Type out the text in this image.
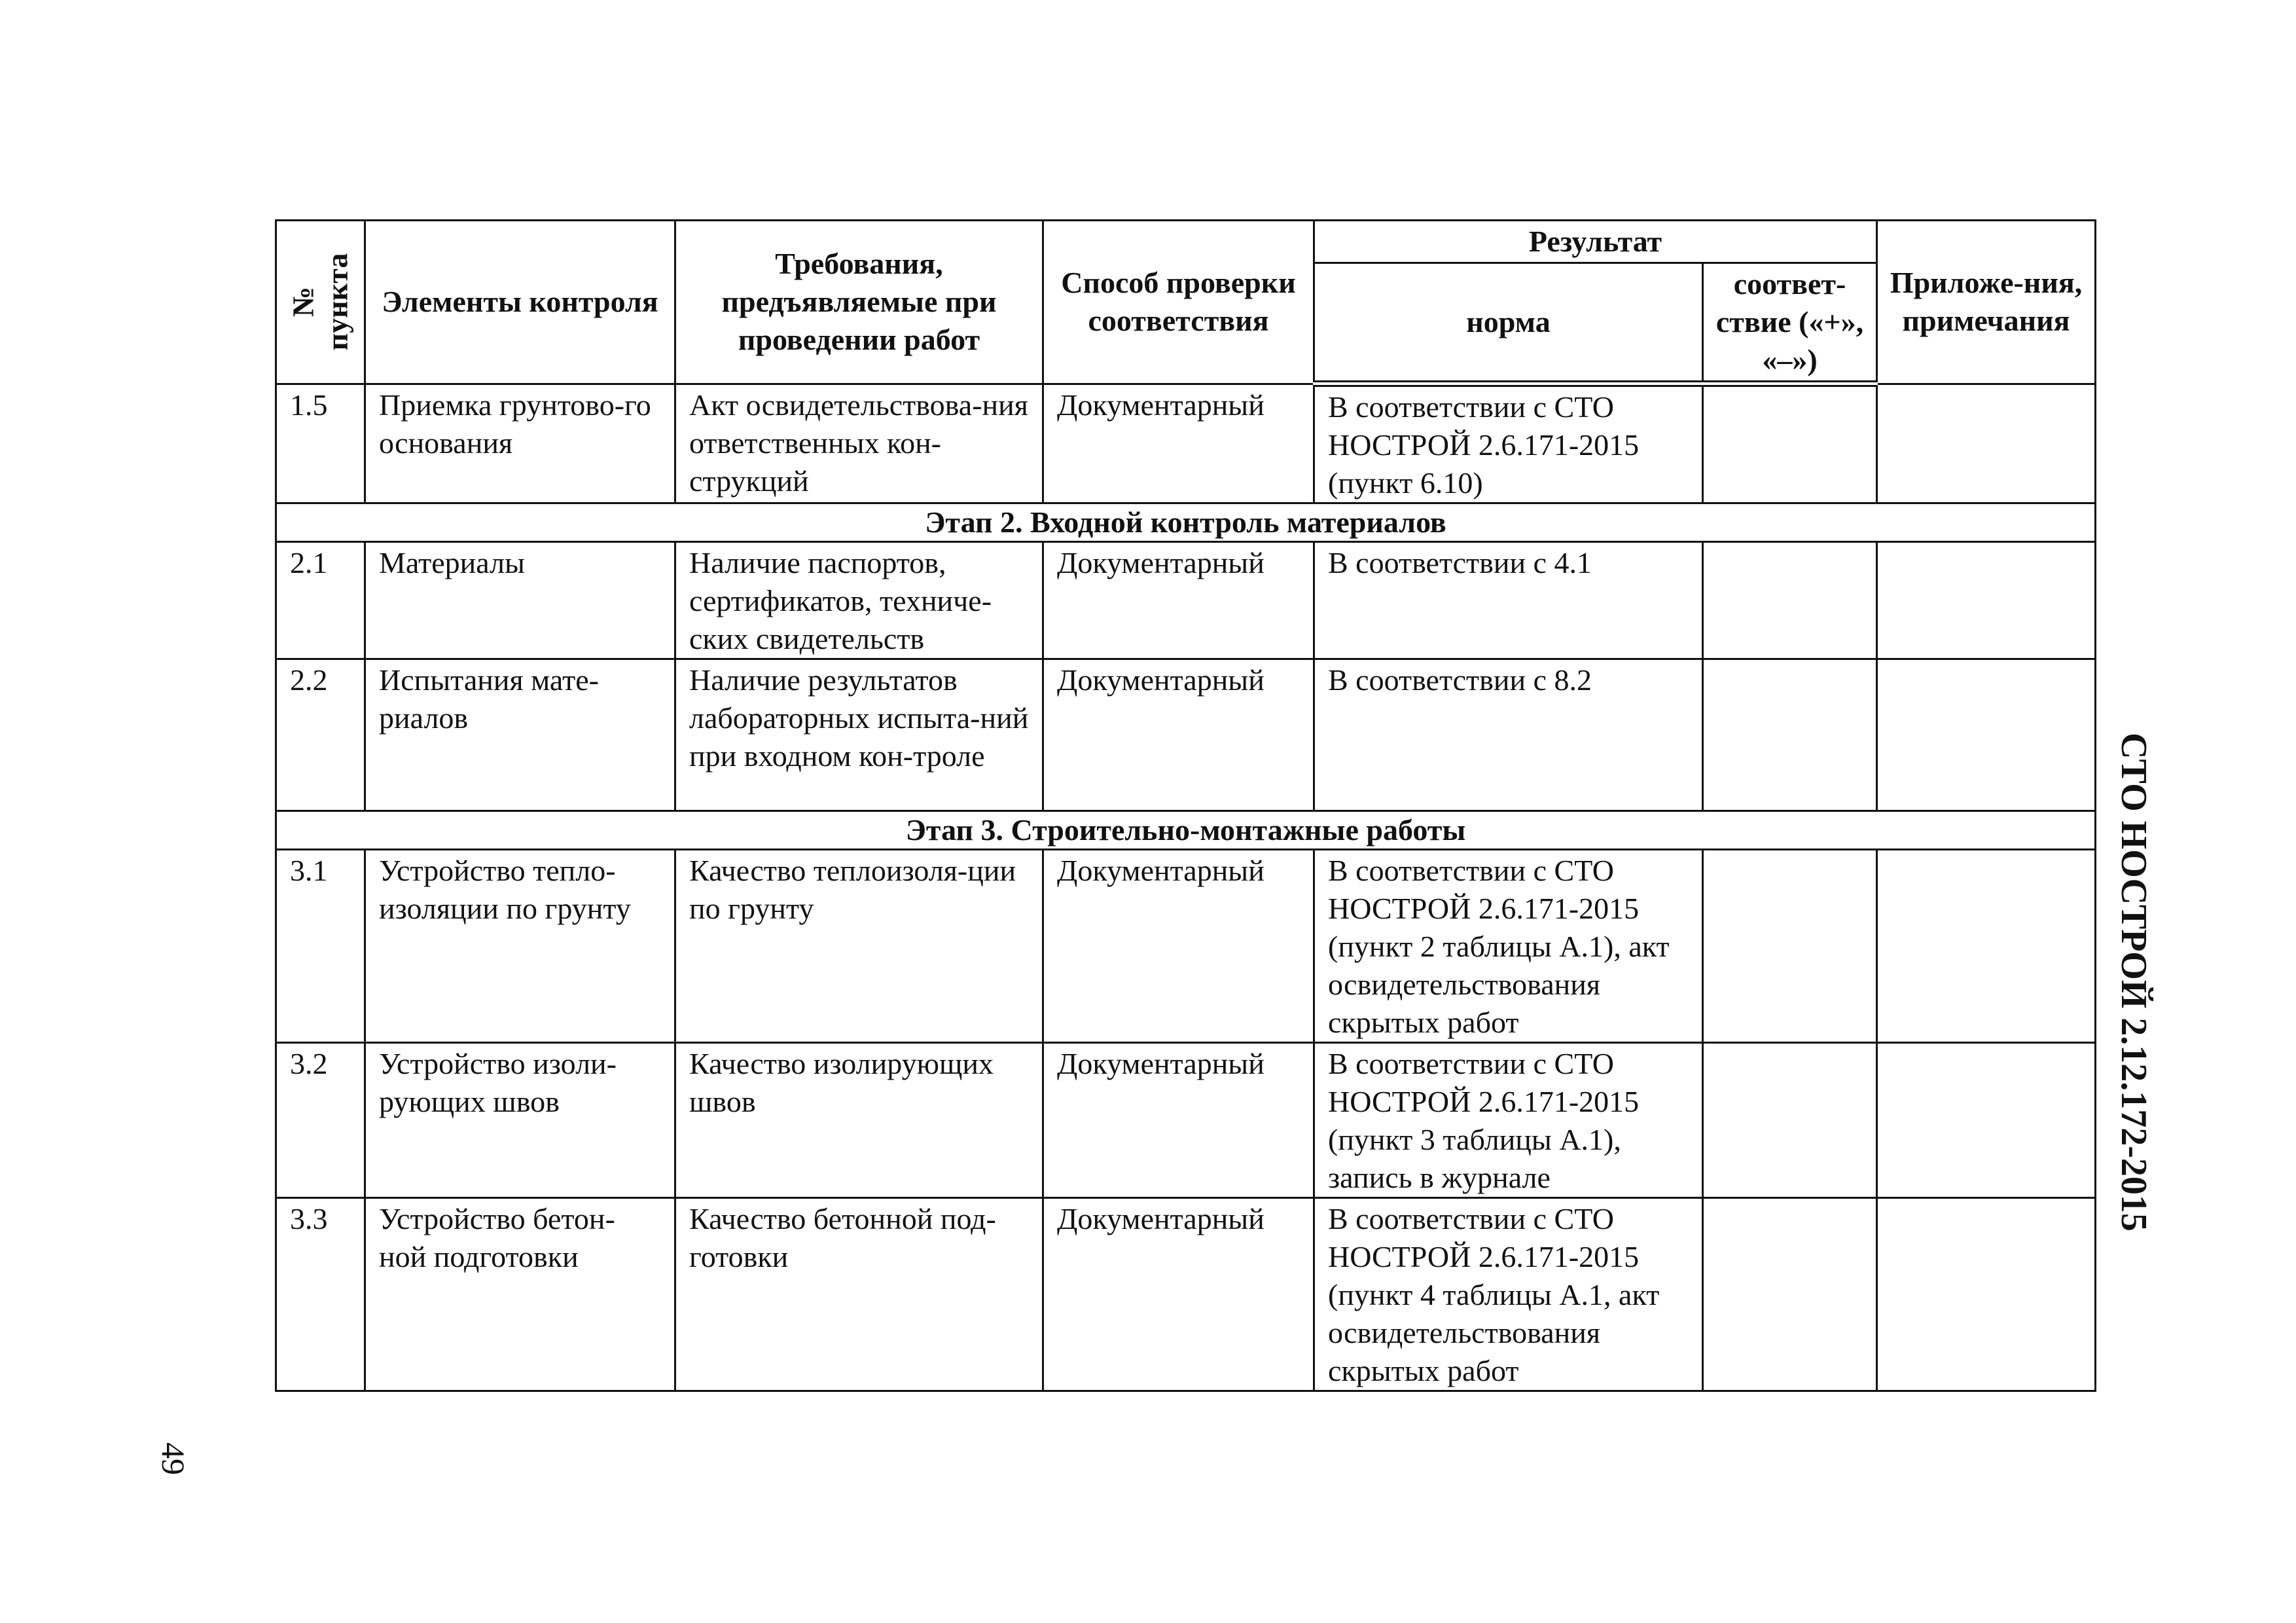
№ пункта	Элементы контроля	Требования, предъявляемые при проведении работ	Способ проверки соответствия	Результат		Приложе-ния, примечания
				норма	соответ-ствие («+», «–»)	
1.5	Приемка грунтово-го основания	Акт освидетельствова-ния ответственных кон-струкций	Документарный	В соответствии с СТО НОСТРОЙ 2.6.171-2015 (пункт 6.10)		
Этап 2. Входной контроль материалов						
2.1	Материалы	Наличие паспортов, сертификатов, техниче-ских свидетельств	Документарный	В соответствии с 4.1		
2.2	Испытания мате-риалов	Наличие результатов лабораторных испыта-ний при входном кон-троле	Документарный	В соответствии с 8.2		
Этап 3. Строительно-монтажные работы						
3.1	Устройство тепло-изоляции по грунту	Качество теплоизоля-ции по грунту	Документарный	В соответствии с СТО НОСТРОЙ 2.6.171-2015 (пункт 2 таблицы А.1), акт освидетельствования скрытых работ		
3.2	Устройство изоли-рующих швов	Качество изолирующих швов	Документарный	В соответствии с СТО НОСТРОЙ 2.6.171-2015 (пункт 3 таблицы А.1), запись в журнале		
3.3	Устройство бетон-ной подготовки	Качество бетонной под-готовки	Документарный	В соответствии с СТО НОСТРОЙ 2.6.171-2015 (пункт 4 таблицы А.1, акт освидетельствования скрытых работ		
СТО НОСТРОЙ 2.12.172-2015
49
